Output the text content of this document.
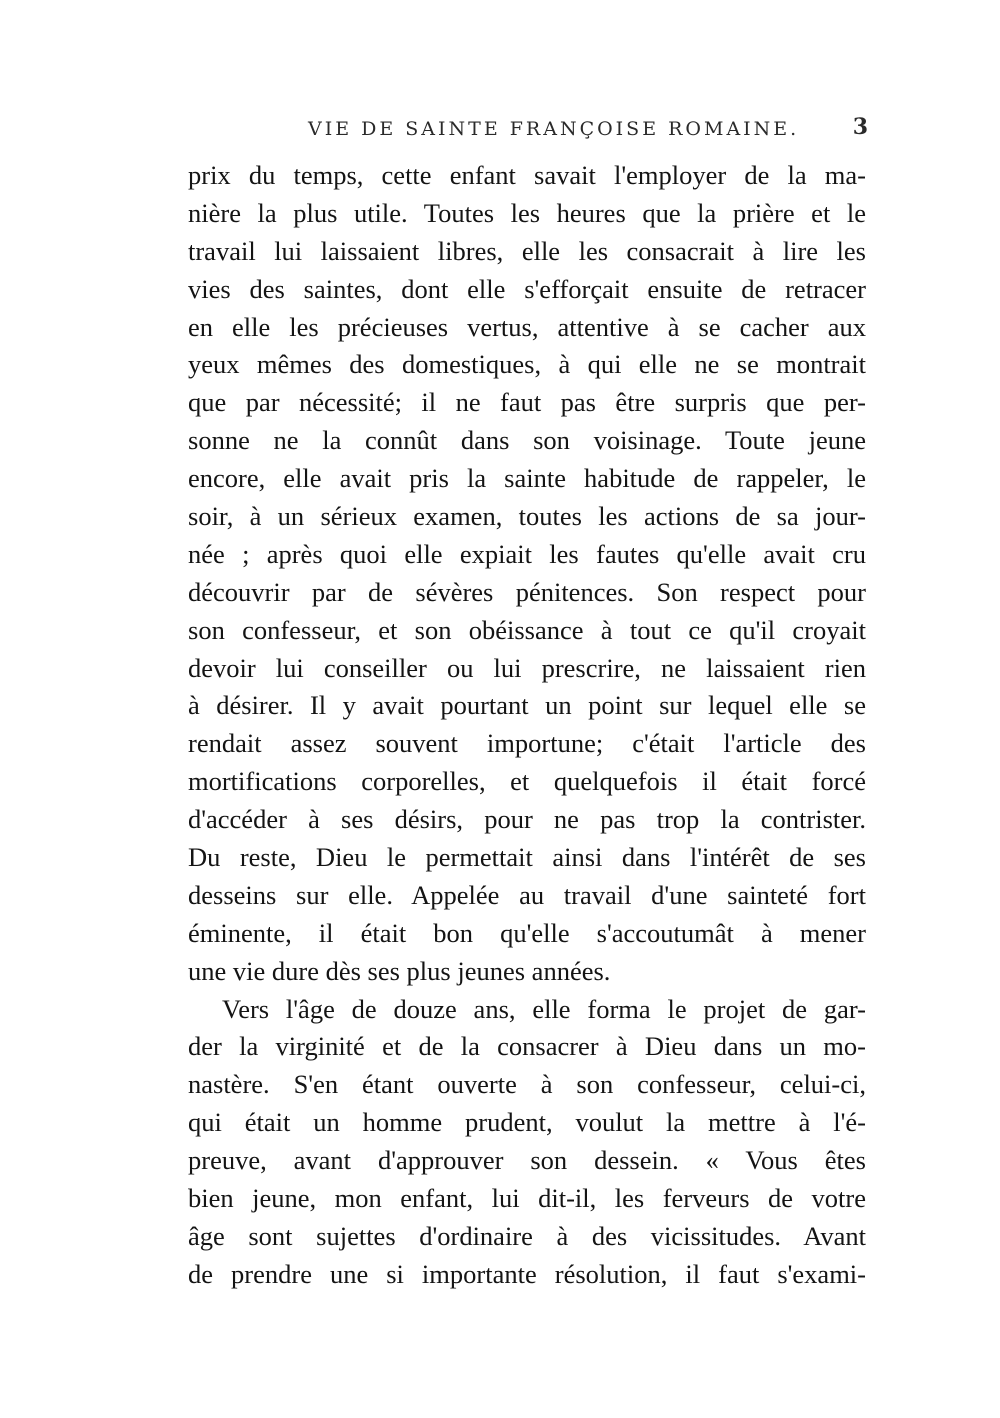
VIE DE SAINTE FRANÇOISE ROMAINE. 3

prix du temps, cette enfant savait l'employer de la ma-
nière la plus utile. Toutes les heures que la prière et le
travail lui laissaient libres, elle les consacrait à lire les
vies des saintes, dont elle s'efforçait ensuite de retracer
en elle les précieuses vertus, attentive à se cacher aux
yeux mêmes des domestiques, à qui elle ne se montrait
que par nécessité; il ne faut pas être surpris que per-
sonne ne la connût dans son voisinage. Toute jeune
encore, elle avait pris la sainte habitude de rappeler, le
soir, à un sérieux examen, toutes les actions de sa jour-
née ; après quoi elle expiait les fautes qu'elle avait cru
découvrir par de sévères pénitences. Son respect pour
son confesseur, et son obéissance à tout ce qu'il croyait
devoir lui conseiller ou lui prescrire, ne laissaient rien
à désirer. Il y avait pourtant un point sur lequel elle se
rendait assez souvent importune; c'était l'article des
mortifications corporelles, et quelquefois il était forcé
d'accéder à ses désirs, pour ne pas trop la contrister.
Du reste, Dieu le permettait ainsi dans l'intérêt de ses
desseins sur elle. Appelée au travail d'une sainteté fort
éminente, il était bon qu'elle s'accoutumât à mener
une vie dure dès ses plus jeunes années.

Vers l'âge de douze ans, elle forma le projet de gar-
der la virginité et de la consacrer à Dieu dans un mo-
nastère. S'en étant ouverte à son confesseur, celui-ci,
qui était un homme prudent, voulut la mettre à l'é-
preuve, avant d'approuver son dessein. « Vous êtes
bien jeune, mon enfant, lui dit-il, les ferveurs de votre
âge sont sujettes d'ordinaire à des vicissitudes. Avant
de prendre une si importante résolution, il faut s'exami-
